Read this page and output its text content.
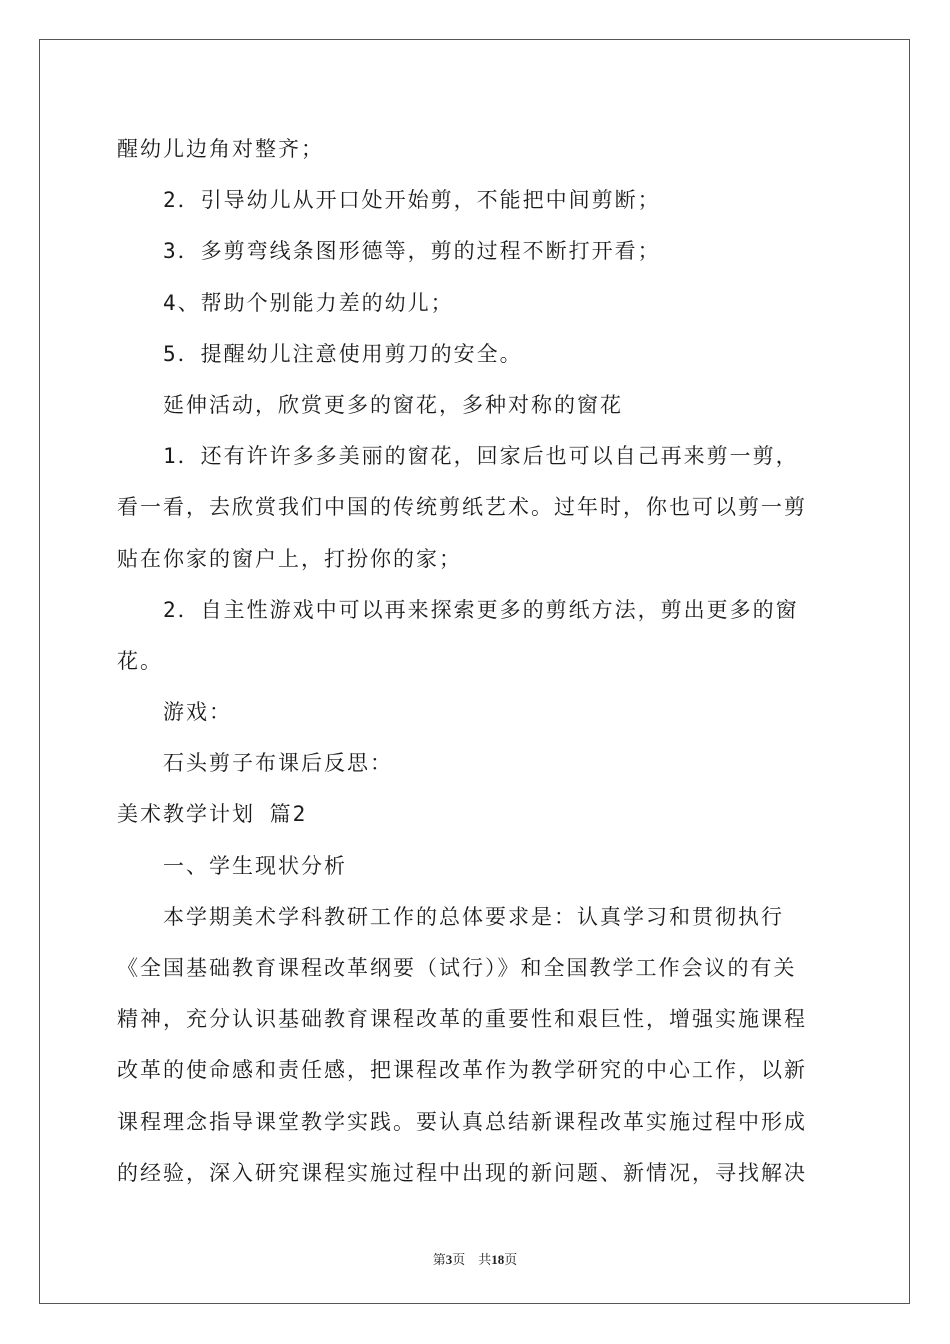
醒幼儿边角对整齐；
2．引导幼儿从开口处开始剪，不能把中间剪断；
3．多剪弯线条图形德等，剪的过程不断打开看；
4、帮助个别能力差的幼儿；
5．提醒幼儿注意使用剪刀的安全。
延伸活动，欣赏更多的窗花，多种对称的窗花
1．还有许许多多美丽的窗花，回家后也可以自己再来剪一剪，
看一看，去欣赏我们中国的传统剪纸艺术。过年时，你也可以剪一剪
贴在你家的窗户上，打扮你的家；
2．自主性游戏中可以再来探索更多的剪纸方法，剪出更多的窗
花。
游戏：
石头剪子布课后反思：
美术教学计划 篇2
一、学生现状分析
本学期美术学科教研工作的总体要求是：认真学习和贯彻执行
《全国基础教育课程改革纲要（试行）》和全国教学工作会议的有关
精神，充分认识基础教育课程改革的重要性和艰巨性，增强实施课程
改革的使命感和责任感，把课程改革作为教学研究的中心工作，以新
课程理念指导课堂教学实践。要认真总结新课程改革实施过程中形成
的经验，深入研究课程实施过程中出现的新问题、新情况，寻找解决
第3页 共18页
